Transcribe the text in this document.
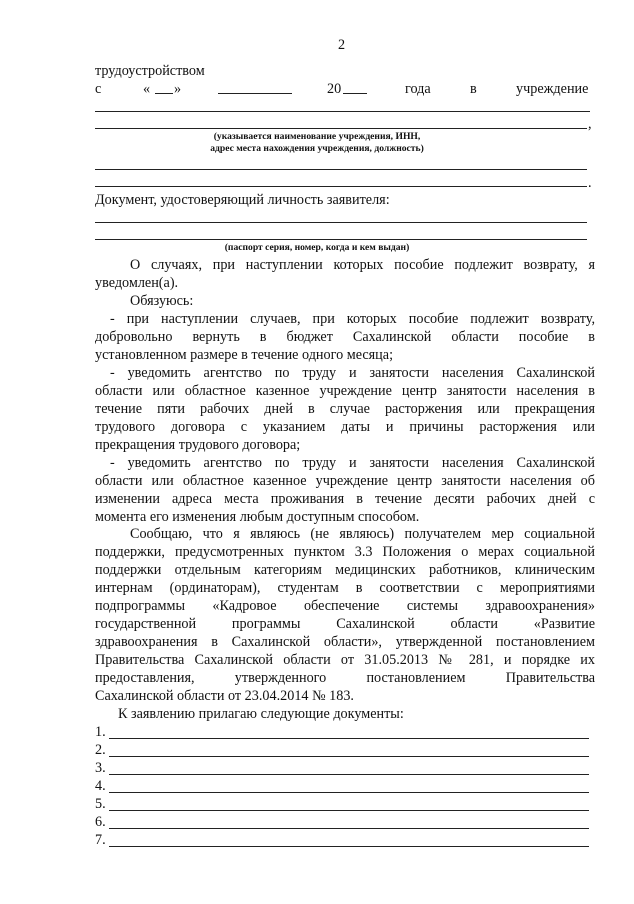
2
трудоустройством
с	« »	20	года	в	учреждение
,
(указывается наименование учреждения, ИНН,
адрес места нахождения учреждения, должность)
.
Документ, удостоверяющий личность заявителя:
(паспорт серия, номер, когда и кем выдан)
О случаях, при наступлении которых пособие подлежит возврату, я
уведомлен(а).
Обязуюсь:
- при наступлении случаев, при которых пособие подлежит возврату,
добровольно вернуть в бюджет Сахалинской области пособие в
установленном размере в течение одного месяца;
- уведомить агентство по труду и занятости населения Сахалинской
области или областное казенное учреждение центр занятости населения в
течение пяти рабочих дней в случае расторжения или прекращения
трудового договора с указанием даты и причины расторжения или
прекращения трудового договора;
- уведомить агентство по труду и занятости населения Сахалинской
области или областное казенное учреждение центр занятости населения об
изменении адреса места проживания в течение десяти рабочих дней с
момента его изменения любым доступным способом.
Сообщаю, что я являюсь (не являюсь) получателем мер социальной
поддержки, предусмотренных пунктом 3.3 Положения о мерах социальной
поддержки отдельным категориям медицинских работников, клиническим
интернам (ординаторам), студентам в соответствии с мероприятиями
подпрограммы «Кадровое обеспечение системы здравоохранения»
государственной программы Сахалинской области «Развитие
здравоохранения в Сахалинской области», утвержденной постановлением
Правительства Сахалинской области от 31.05.2013 № 281, и порядке их
предоставления, утвержденного постановлением Правительства
Сахалинской области от 23.04.2014 № 183.
К заявлению прилагаю следующие документы:
1.
2.
3.
4.
5.
6.
7.
